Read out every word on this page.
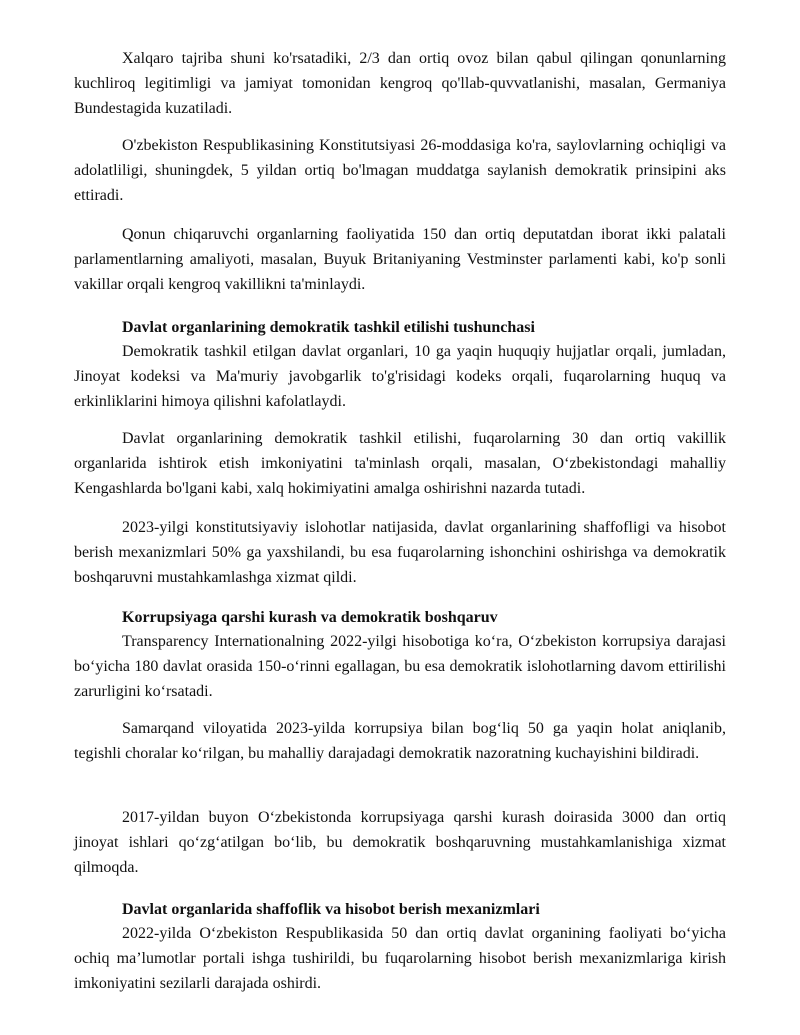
Xalqaro tajriba shuni ko'rsatadiki, 2/3 dan ortiq ovoz bilan qabul qilingan qonunlarning kuchliroq legitimligi va jamiyat tomonidan kengroq qo'llab-quvvatlanishi, masalan, Germaniya Bundestagida kuzatiladi.

O'zbekiston Respublikasining Konstitutsiyasi 26-moddasiga ko'ra, saylovlarning ochiqligi va adolatliligi, shuningdek, 5 yildan ortiq bo'lmagan muddatga saylanish demokratik prinsipini aks ettiradi.

Qonun chiqaruvchi organlarning faoliyatida 150 dan ortiq deputatdan iborat ikki palatali parlamentlarning amaliyoti, masalan, Buyuk Britaniyaning Vestminster parlamenti kabi, ko'p sonli vakillar orqali kengroq vakillikni ta'minlaydi.

Davlat organlarining demokratik tashkil etilishi tushunchasi

Demokratik tashkil etilgan davlat organlari, 10 ga yaqin huquqiy hujjatlar orqali, jumladan, Jinoyat kodeksi va Ma'muriy javobgarlik to'g'risidagi kodeks orqali, fuqarolarning huquq va erkinliklarini himoya qilishni kafolatlaydi.

Davlat organlarining demokratik tashkil etilishi, fuqarolarning 30 dan ortiq vakillik organlarida ishtirok etish imkoniyatini ta'minlash orqali, masalan, O‘zbekistondagi mahalliy Kengashlarda bo'lgani kabi, xalq hokimiyatini amalga oshirishni nazarda tutadi.

2023-yilgi konstitutsiyaviy islohotlar natijasida, davlat organlarining shaffofligi va hisobot berish mexanizmlari 50% ga yaxshilandi, bu esa fuqarolarning ishonchini oshirishga va demokratik boshqaruvni mustahkamlashga xizmat qildi.

Korrupsiyaga qarshi kurash va demokratik boshqaruv

Transparency Internationalning 2022-yilgi hisobotiga ko‘ra, O‘zbekiston korrupsiya darajasi bo‘yicha 180 davlat orasida 150-o‘rinni egallagan, bu esa demokratik islohotlarning davom ettirilishi zarurligini ko‘rsatadi.

Samarqand viloyatida 2023-yilda korrupsiya bilan bog‘liq 50 ga yaqin holat aniqlanib, tegishli choralar ko‘rilgan, bu mahalliy darajadagi demokratik nazoratning kuchayishini bildiradi.

2017-yildan buyon O‘zbekistonda korrupsiyaga qarshi kurash doirasida 3000 dan ortiq jinoyat ishlari qo‘zg‘atilgan bo‘lib, bu demokratik boshqaruvning mustahkamlanishiga xizmat qilmoqda.

Davlat organlarida shaffoflik va hisobot berish mexanizmlari

2022-yilda O‘zbekiston Respublikasida 50 dan ortiq davlat organining faoliyati bo‘yicha ochiq ma’lumotlar portali ishga tushirildi, bu fuqarolarning hisobot berish mexanizmlariga kirish imkoniyatini sezilarli darajada oshirdi.
